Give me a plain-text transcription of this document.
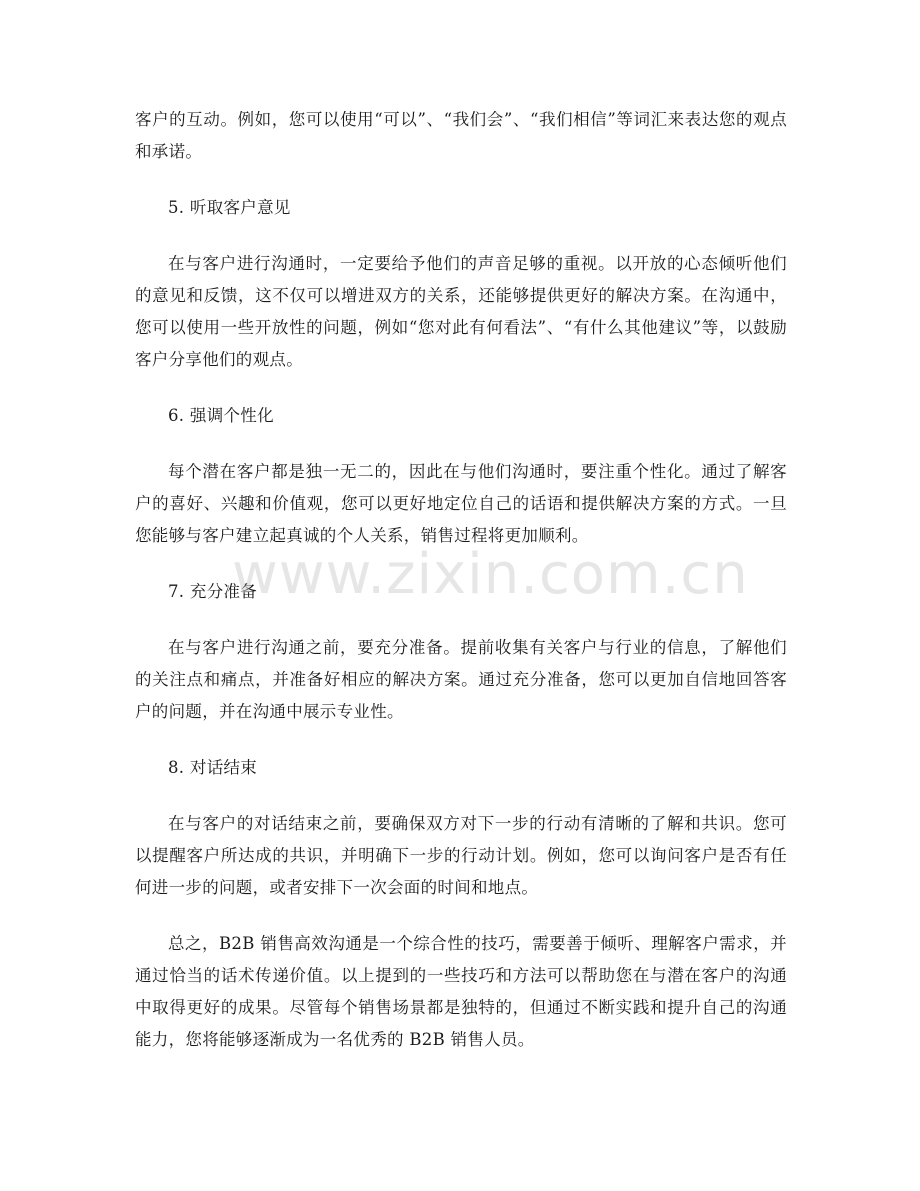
客户的互动。例如，您可以使用“可以”、“我们会”、“我们相信”等词汇来表达您的观点和承诺。

5. 听取客户意见

在与客户进行沟通时，一定要给予他们的声音足够的重视。以开放的心态倾听他们的意见和反馈，这不仅可以增进双方的关系，还能够提供更好的解决方案。在沟通中，您可以使用一些开放性的问题，例如“您对此有何看法”、“有什么其他建议”等，以鼓励客户分享他们的观点。

6. 强调个性化

每个潜在客户都是独一无二的，因此在与他们沟通时，要注重个性化。通过了解客户的喜好、兴趣和价值观，您可以更好地定位自己的话语和提供解决方案的方式。一旦您能够与客户建立起真诚的个人关系，销售过程将更加顺利。

7. 充分准备

在与客户进行沟通之前，要充分准备。提前收集有关客户与行业的信息，了解他们的关注点和痛点，并准备好相应的解决方案。通过充分准备，您可以更加自信地回答客户的问题，并在沟通中展示专业性。

8. 对话结束

在与客户的对话结束之前，要确保双方对下一步的行动有清晰的了解和共识。您可以提醒客户所达成的共识，并明确下一步的行动计划。例如，您可以询问客户是否有任何进一步的问题，或者安排下一次会面的时间和地点。

总之，B2B 销售高效沟通是一个综合性的技巧，需要善于倾听、理解客户需求，并通过恰当的话术传递价值。以上提到的一些技巧和方法可以帮助您在与潜在客户的沟通中取得更好的成果。尽管每个销售场景都是独特的，但通过不断实践和提升自己的沟通能力，您将能够逐渐成为一名优秀的 B2B 销售人员。

www.zixin.com.cn
